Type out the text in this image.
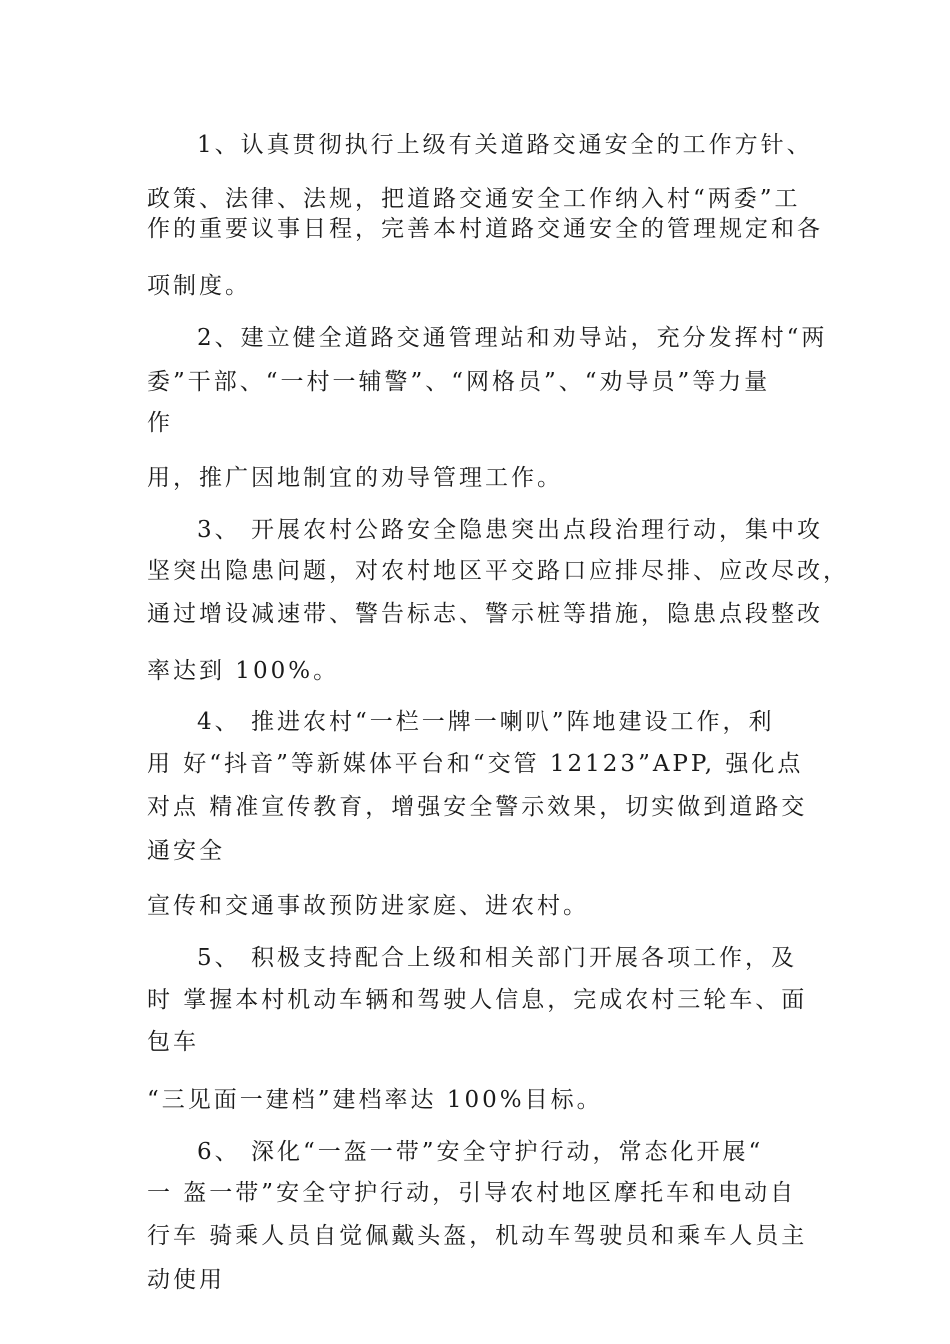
1、认真贯彻执行上级有关道路交通安全的工作方针、
政策、法律、法规，把道路交通安全工作纳入村“两委”工
作的重要议事日程，完善本村道路交通安全的管理规定和各
项制度。
2、建立健全道路交通管理站和劝导站，充分发挥村“两
委”干部、“一村一辅警”、“网格员”、“劝导员”等力量
作
用，推广因地制宜的劝导管理工作。
3、 开展农村公路安全隐患突出点段治理行动，集中攻
坚突出隐患问题，对农村地区平交路口应排尽排、应改尽改，
通过增设减速带、警告标志、警示桩等措施，隐患点段整改
率达到 100%。
4、 推进农村“一栏一牌一喇叭”阵地建设工作，利
用 好“抖音”等新媒体平台和“交管 12123”APP, 强化点
对点 精准宣传教育，增强安全警示效果，切实做到道路交
通安全
宣传和交通事故预防进家庭、进农村。
5、 积极支持配合上级和相关部门开展各项工作，及
时 掌握本村机动车辆和驾驶人信息，完成农村三轮车、面
包车
“三见面一建档”建档率达 100%目标。
6、 深化“一盔一带”安全守护行动，常态化开展“
一 盔一带”安全守护行动，引导农村地区摩托车和电动自
行车 骑乘人员自觉佩戴头盔，机动车驾驶员和乘车人员主
动使用
